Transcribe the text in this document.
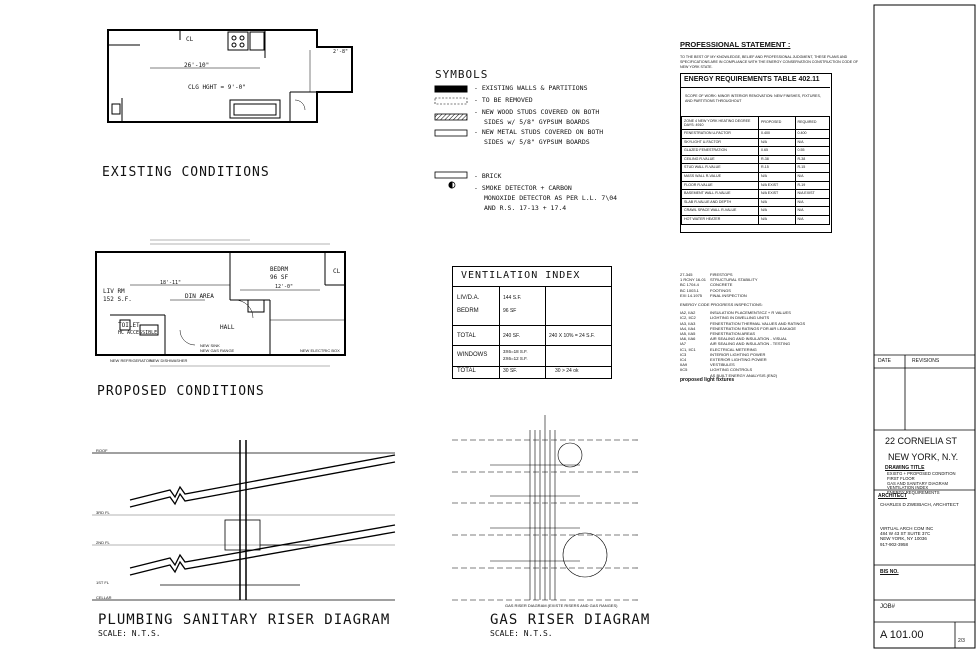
26'-10"
2'-8"
CLG HGHT = 9'-0"
CL
EXISTING CONDITIONS
LIV RM
152 S.F.
BEDRM
96 SF
DIN AREA
HALL
CL
TOILET
HC ACCESSIBLE
18'-11"
12'-0"
NEW ELECTRIC BOX
NEW GAS RANGE
NEW SINK
NEW DISHWASHER
NEW REFRIGERATOR
PROPOSED CONDITIONS
ROOF
3RD FL
2ND FL
1ST FL
CELLAR
PLUMBING SANITARY RISER DIAGRAM
SCALE: N.T.S.
GAS RISER DIAGRAM (EXISTE RISERS AND GAS RANGES)
GAS RISER DIAGRAM
SCALE: N.T.S.
SYMBOLS
- EXISTING WALLS & PARTITIONS
- TO BE REMOVED
- NEW WOOD STUDS COVERED ON BOTH
SIDES w/ 5/8" GYPSUM BOARDS
- NEW METAL STUDS COVERED ON BOTH
SIDES w/ 5/8" GYPSUM BOARDS
- BRICK
- SMOKE DETECTOR + CARBON
MONOXIDE DETECTOR AS PER L.L. 7\04
AND R.S. 17-13 + 17.4
VENTILATION INDEX
LIV/D.A.	144 S.F.
BEDRM	96 SF
TOTAL	240 SF.	240 X 10% = 24 S.F.
WINDOWS
3X6=18 S.F.
2X6=12 S.F.
TOTAL	30 SF.	30 > 24 ok
PROFESSIONAL STATEMENT :
TO THE BEST OF MY KNOWLEDGE, BELIEF AND PROFESSIONAL JUDGMENT, THESE PLANS AND SPECIFICATIONS ARE IN COMPLIANCE WITH THE ENERGY CONSERVATION CONSTRUCTION CODE OF NEW YORK STATE.
ENERGY REQUIREMENTS TABLE 402.11
SCOPE OF WORK: MINOR INTERIOR RENOVATION: NEW FINISHES, FIXTURES, AND PARTITIONS THROUGHOUT
ZONE 4 NEW YORK HEATING DEGREE DAYS: 4910	PROPOSED	REQUIRED
FENESTRATION U-FACTOR	0.400	0.400
SKYLIGHT U-FACTOR	N/A	N/A
GLAZED FENESTRATION	0.65	0.55
CEILING R-VALUE	R-38	R-38
STUD WALL R-VALUE	R-15	R-15
MASS WALL R-VALUE	N/A	N/A
FLOOR R-VALUE	N/A EXIST	R-19
BASEMENT WALL R-VALUE	N/A EXIST	N/A EXIST
SLAB R-VALUE AND DEPTH	N/A	N/A
CRAWL SPACE WALL R-VALUE	N/A	N/A
HOT WATER HEATER	N/A	N/A
27-345	FIRESTOPS
1 RCNY 16-01 STRUCTURAL STABILITY
BC 1704.4	CONCRETE
BC 1003.1	FOOTINGS
EXI 14.1975 FINAL INSPECTION
ENERGY CODE PROGRESS INSPECTIONS:
IA2, IIA2	INSULATION PLACEMENT/ICZ + R VALUES
IC2, IIC2	LIGHTING IN DWELLING UNITS
IA3, IIA3	FENESTRATION THERMAL VALUES AND RATINGS
IA4, IIA4	FENESTRATION RATINGS FOR AIR LEAKAGE
IA5, IIA5	FENESTRATION AREAS
IA6, IIA6	AIR SEALING AND INSULATION - VISUAL
IA7	AIR SEALING AND INSULATION - TESTING
IC1, IIC1	ELECTRICAL METERING
IC3	INTERIOR LIGHTING POWER
IC4	EXTERIOR LIGHTING POWER
IIA9	VESTIBULES
IIC5	LIGHTING CONTROLS
AS BUILT ENERGY ANALYSIS (EN2)
proposed light fixtures
DATE	REVISIONS
22 CORNELIA ST
NEW YORK, N.Y.
DRAWING TITLE
EXISTG + PROPOSED CONDITION
FIRST FLOOR
GAS AND SANITARY DIAGRAM
VENTILATION INDEX
ENERGY REQUIREMENTS
ARCHITECT
CHARLES D ZWEIBACH, ARCHITECT
VIRTUAL ARCH COM INC
484 W 43 ST SUITE 37C
NEW YORK, NY 10036
917-902-3958
BIS NO.
JOB#
A 101.00	2/3
